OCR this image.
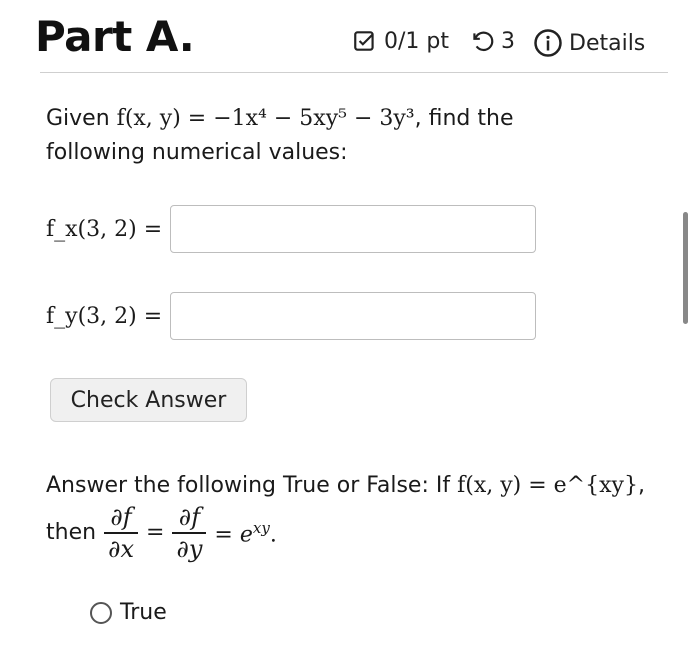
Part A.	0/1 pt 3 Details
Given f(x, y) = −1x⁴ − 5xy⁵ − 3y³, find the following numerical values:
f_x(3, 2) =
f_y(3, 2) =
Check Answer
Answer the following True or False: If f(x, y) = e^{xy},
then $\frac{\partial f}{\partial x} = \frac{\partial f}{\partial y} = e^{xy}$.
True
